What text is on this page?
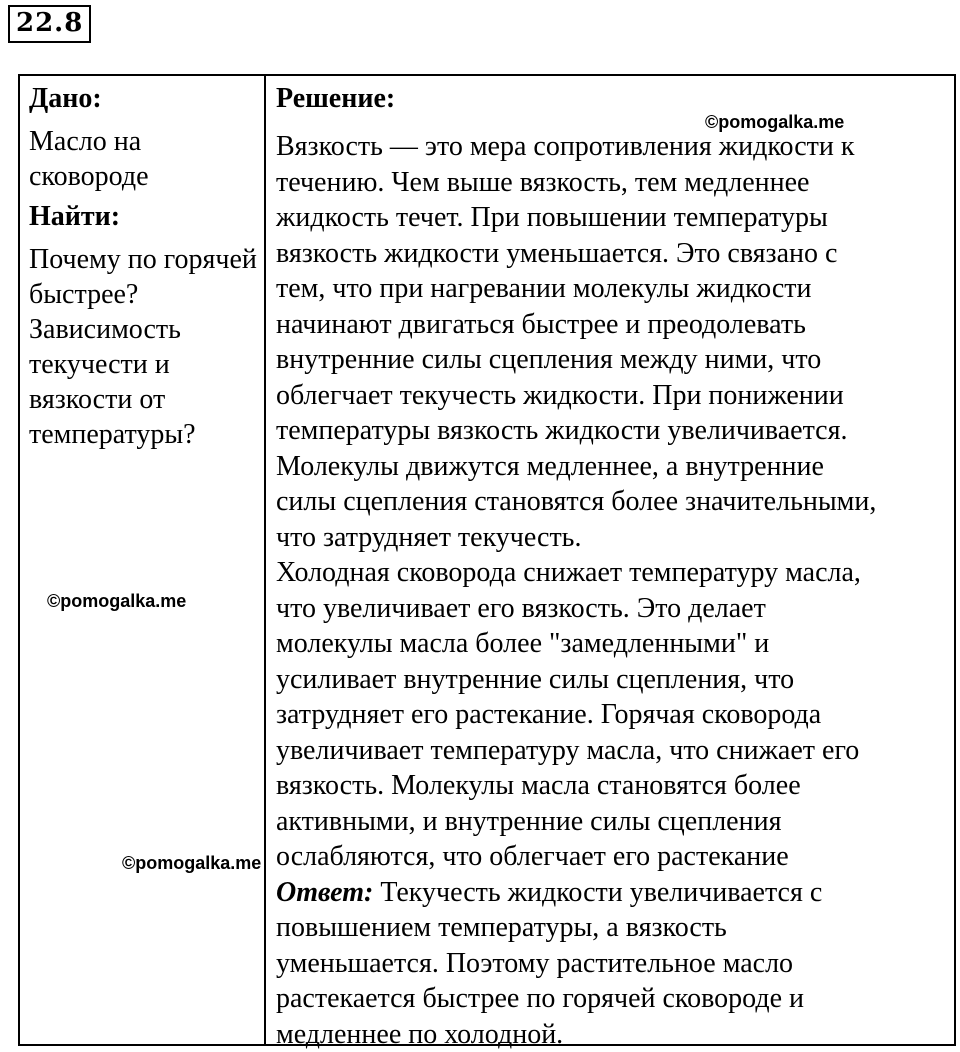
22.8

Дано:

Масло на сковороде

Найти:

Почему по горячей быстрее? Зависимость текучести и вязкости от температуры?

Решение:

Вязкость — это мера сопротивления жидкости к
течению. Чем выше вязкость, тем медленнее
жидкость течет. При повышении температуры
вязкость жидкости уменьшается. Это связано с
тем, что при нагревании молекулы жидкости
начинают двигаться быстрее и преодолевать
внутренние силы сцепления между ними, что
облегчает текучесть жидкости. При понижении
температуры вязкость жидкости увеличивается.
Молекулы движутся медленнее, а внутренние
силы сцепления становятся более значительными,
что затрудняет текучесть.
Холодная сковорода снижает температуру масла,
что увеличивает его вязкость. Это делает
молекулы масла более "замедленными" и
усиливает внутренние силы сцепления, что
затрудняет его растекание. Горячая сковорода
увеличивает температуру масла, что снижает его
вязкость. Молекулы масла становятся более
активными, и внутренние силы сцепления
ослабляются, что облегчает его растекание
Ответ: Текучесть жидкости увеличивается с
повышением температуры, а вязкость
уменьшается. Поэтому растительное масло
растекается быстрее по горячей сковороде и
медленнее по холодной.
©pomogalka.me
©pomogalka.me
©pomogalka.me
